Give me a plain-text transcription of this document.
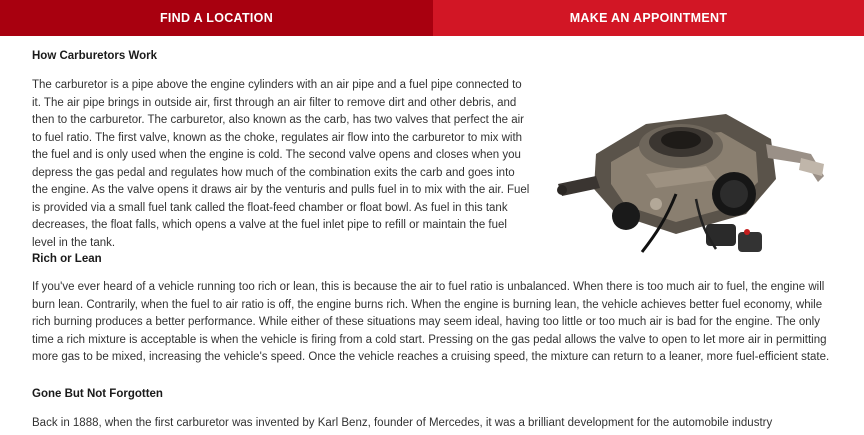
FIND A LOCATION	MAKE AN APPOINTMENT
How Carburetors Work

The carburetor is a pipe above the engine cylinders with an air pipe and a fuel pipe connected to it. The air pipe brings in outside air, first through an air filter to remove dirt and other debris, and then to the carburetor. The carburetor, also known as the carb, has two valves that perfect the air to fuel ratio. The first valve, known as the choke, regulates air flow into the carburetor to mix with the fuel and is only used when the engine is cold. The second valve opens and closes when you depress the gas pedal and regulates how much of the combination exits the carb and goes into the engine. As the valve opens it draws air by the venturis and pulls fuel in to mix with the air. Fuel is provided via a small fuel tank called the float-feed chamber or float bowl. As fuel in this tank decreases, the float falls, which opens a valve at the fuel inlet pipe to refill or maintain the fuel level in the tank.

Rich or Lean

If you've ever heard of a vehicle running too rich or lean, this is because the air to fuel ratio is unbalanced. When there is too much air to fuel, the engine will burn lean. Contrarily, when the fuel to air ratio is off, the engine burns rich. When the engine is burning lean, the vehicle achieves better fuel economy, while rich burning produces a better performance. While either of these situations may seem ideal, having too little or too much air is bad for the engine. The only time a rich mixture is acceptable is when the vehicle is firing from a cold start. Pressing on the gas pedal allows the valve to open to let more air in permitting more gas to be mixed, increasing the vehicle's speed. Once the vehicle reaches a cruising speed, the mixture can return to a leaner, more fuel-efficient state.

Gone But Not Forgotten

Back in 1888, when the first carburetor was invented by Karl Benz, founder of Mercedes, it was a brilliant development for the automobile industry
